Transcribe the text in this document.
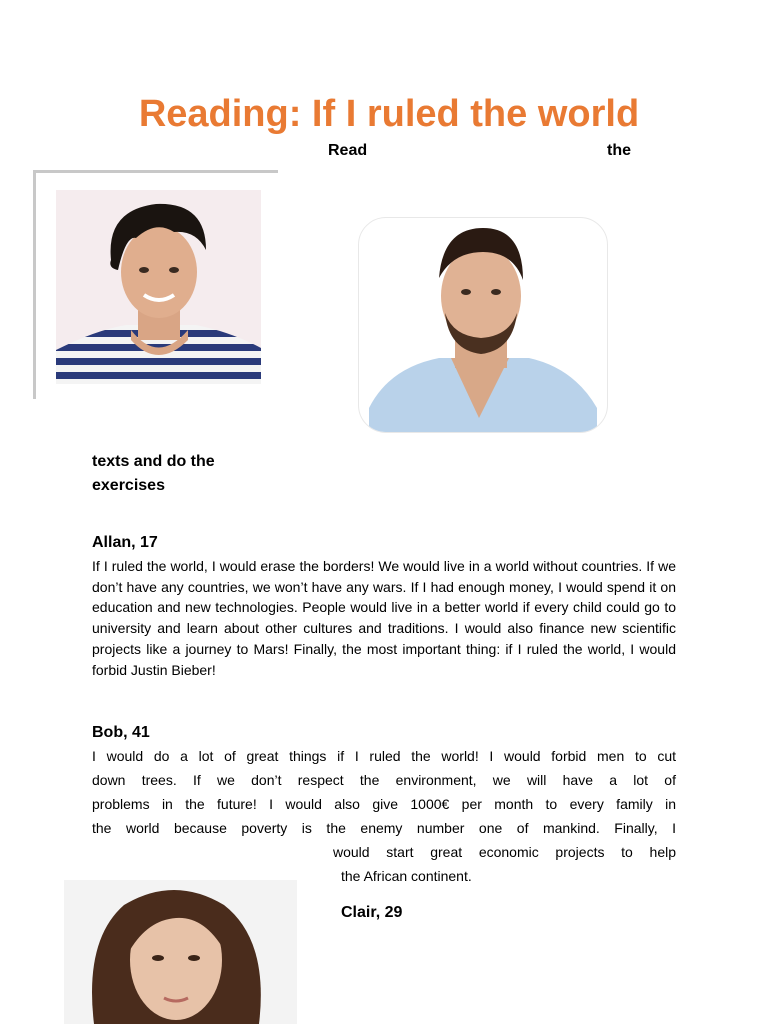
Reading: If I ruled the world
Read	the
texts and do the exercises
Allan, 17
If I ruled the world, I would erase the borders! We would live in a world without countries. If we don’t have any countries, we won’t have any wars. If I had enough money, I would spend it on education and new technologies. People would live in a better world if every child could go to university and learn about other cultures and traditions. I would also finance new scientific projects like a journey to Mars! Finally, the most important thing: if I ruled the world, I would forbid Justin Bieber!
Bob, 41
I would do a lot of great things if I ruled the world! I would forbid men to cut
down trees. If we don’t respect the environment, we will have a lot of
problems in the future! I would also give 1000€ per month to every family in
the world because poverty is the enemy number one of mankind. Finally, I
would start great economic projects to help
the African continent.
Clair, 29
